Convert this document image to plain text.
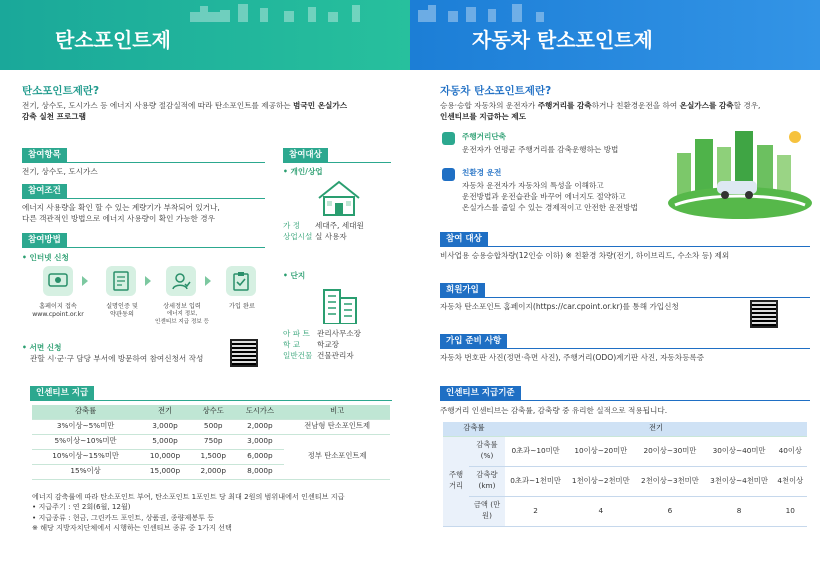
탄소포인트제
탄소포인트제란?
전기, 상수도, 도시가스 등 에너지 사용량 절감실적에 따라 탄소포인트를 제공하는 범국민 온실가스
감축 실천 프로그램
참여항목
전기, 상수도, 도시가스
참여조건
에너지 사용량을 확인 할 수 있는 계량기가 부착되어 있거나,
다른 객관적인 방법으로 에너지 사용량이 확인 가능한 경우
참여방법
• 인터넷 신청
홈페이지 접속
www.cpoint.or.kr
실명인증 및
약관동의
상세정보 입력
에너지 정보,
인센티브 지급 정보 등
가입 완료
• 서면 신청
관할 시·군·구 담당 부서에 방문하여 참여신청서 작성
참여대상
• 개인/상업
가 정 세대주, 세대원
상업시설 실 사용자
• 단지
아 파 트 관리사무소장
학 교 학교장
일반건물 건물관리자
인센티브 지급
감축률	전기	상수도	도시가스	비고
3%이상~5%미만	3,000p	500p	2,000p	전남형 탄소포인트제
5%이상~10%미만	5,000p	750p	3,000p	정부 탄소포인트제
10%이상~15%미만	10,000p	1,500p	6,000p	
15%이상	15,000p	2,000p	8,000p	
에너지 감축률에 따라 탄소포인트 부여, 탄소포인트 1포인트 당 최대 2원의 범위내에서 인센티브 지급
• 지급주기 : 연 2회(6월, 12월)
• 지급종류 : 현금, 그린카드 포인트, 상품권, 종량제봉투 등
※ 해당 지방자치단체에서 시행하는 인센티브 종류 중 1가지 선택
자동차 탄소포인트제
자동차 탄소포인트제란?
승용·승합 자동차의 운전자가 주행거리를 감축하거나 친환경운전을 하여 온실가스를 감축할 경우,
인센티브를 지급하는 제도
주행거리단축
운전자가 연평균 주행거리를 감축운행하는 방법
친환경 운전
자동차 운전자가 자동차의 특성을 이해하고
운전방법과 운전습관을 바꾸어 에너지도 절약하고
온실가스를 줄일 수 있는 경제적이고 안전한 운전방법
참여 대상
비사업용 승용승합차량(12인승 이하) ※ 친환경 차량(전기, 하이브리드, 수소차 등) 제외
회원가입
자동차 탄소포인트 홈페이지(https://car.cpoint.or.kr)를 통해 가입신청
가입 준비 사항
자동차 번호판 사진(정면·측면 사진), 주행거리(ODO)계기판 사진, 자동차등록증
인센티브 지급기준
주행거리 인센티브는 감축률, 감축량 중 유리한 실적으로 적용됩니다.
감축률		전기				
주행거리	감축률 (%)	0초과~10미만	10이상~20미만	20이상~30미만	30이상~40미만	40이상
	감축량 (km)	0초과~1천미만	1천이상~2천미만	2천이상~3천미만	3천이상~4천미만	4천이상
	금액 (만원)	2	4	6	8	10
